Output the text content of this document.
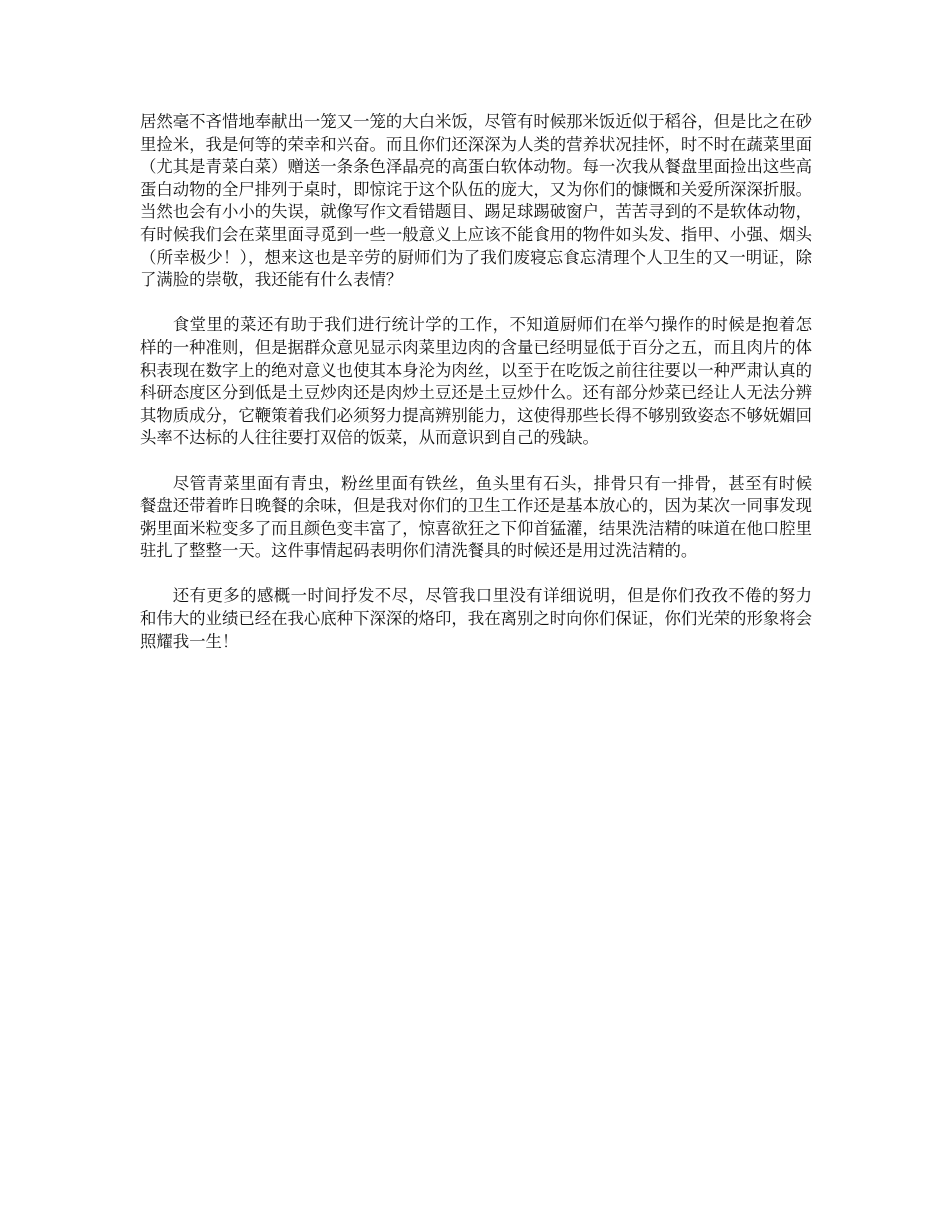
居然毫不吝惜地奉献出一笼又一笼的大白米饭，尽管有时候那米饭近似于稻谷，但是比之在砂里捡米，我是何等的荣幸和兴奋。而且你们还深深为人类的营养状况挂怀，时不时在蔬菜里面（尤其是青菜白菜）赠送一条条色泽晶亮的高蛋白软体动物。每一次我从餐盘里面捡出这些高蛋白动物的全尸排列于桌时，即惊诧于这个队伍的庞大，又为你们的慷慨和关爱所深深折服。当然也会有小小的失误，就像写作文看错题目、踢足球踢破窗户，苦苦寻到的不是软体动物，有时候我们会在菜里面寻觅到一些一般意义上应该不能食用的物件如头发、指甲、小强、烟头（所幸极少！），想来这也是辛劳的厨师们为了我们废寝忘食忘清理个人卫生的又一明证，除了满脸的崇敬，我还能有什么表情？

食堂里的菜还有助于我们进行统计学的工作，不知道厨师们在举勺操作的时候是抱着怎样的一种准则，但是据群众意见显示肉菜里边肉的含量已经明显低于百分之五，而且肉片的体积表现在数字上的绝对意义也使其本身沦为肉丝，以至于在吃饭之前往往要以一种严肃认真的科研态度区分到低是土豆炒肉还是肉炒土豆还是土豆炒什么。还有部分炒菜已经让人无法分辨其物质成分，它鞭策着我们必须努力提高辨别能力，这使得那些长得不够别致姿态不够妩媚回头率不达标的人往往要打双倍的饭菜，从而意识到自己的残缺。

尽管青菜里面有青虫，粉丝里面有铁丝，鱼头里有石头，排骨只有一排骨，甚至有时候餐盘还带着昨日晚餐的余味，但是我对你们的卫生工作还是基本放心的，因为某次一同事发现粥里面米粒变多了而且颜色变丰富了，惊喜欲狂之下仰首猛灌，结果洗洁精的味道在他口腔里驻扎了整整一天。这件事情起码表明你们清洗餐具的时候还是用过洗洁精的。

还有更多的感概一时间抒发不尽，尽管我口里没有详细说明，但是你们孜孜不倦的努力和伟大的业绩已经在我心底种下深深的烙印，我在离别之时向你们保证，你们光荣的形象将会照耀我一生！
